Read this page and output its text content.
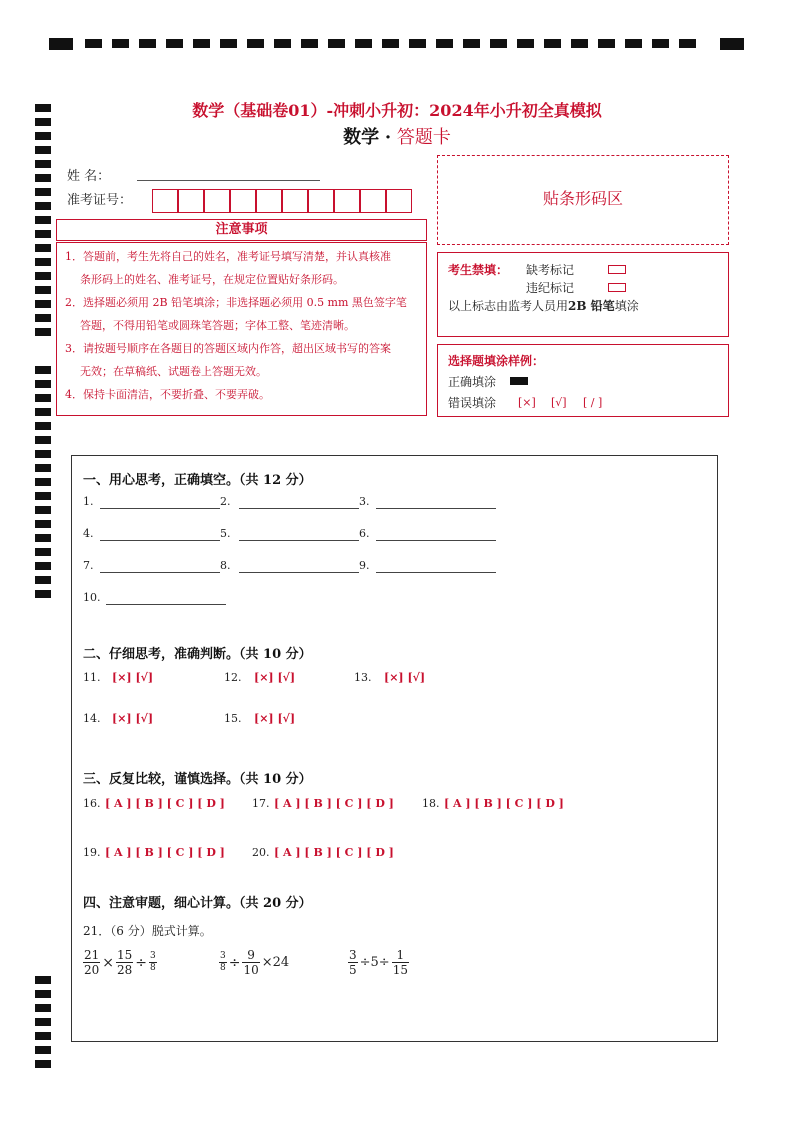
数学（基础卷01）-冲刺小升初：2024年小升初全真模拟
数学 · 答题卡
姓 名：
准考证号：
注意事项
1．答题前，考生先将自己的姓名，准考证号填写清楚，并认真核准
条形码上的姓名、准考证号，在规定位置贴好条形码。
2．选择题必须用 2B 铅笔填涂；非选择题必须用 0.5 mm 黑色签字笔
答题，不得用铅笔或圆珠笔答题；字体工整、笔迹清晰。
3．请按题号顺序在各题目的答题区域内作答，超出区域书写的答案
无效；在草稿纸、试题卷上答题无效。
4．保持卡面清洁，不要折叠、不要弄破。
贴条形码区
考生禁填： 缺考标记
违纪标记
以上标志由监考人员用2B 铅笔填涂
选择题填涂样例：
正确填涂
错误填涂 [×] [√] [ / ]
一、用心思考，正确填空。（共 12 分）
1.	2.	3.
4.	5.	6.
7.	8.	9.
10.
二、仔细思考，准确判断。（共 10 分）
11. [×] [√]	12. [×] [√]	13. [×] [√]
14. [×] [√]	15. [×] [√]
三、反复比较，谨慎选择。（共 10 分）
16. [ A ] [ B ] [ C ] [ D ] 17. [ A ] [ B ] [ C ] [ D ]	18. [ A ] [ B ] [ C ] [ D ]
19. [ A ] [ B ] [ C ] [ D ] 20. [ A ] [ B ] [ C ] [ D ]
四、注意审题，细心计算。（共 20 分）
21．（6 分）脱式计算。
$\frac{21}{20} \times \frac{15}{28} \div \frac{3}{8}$	$\frac{3}{8} \div \frac{9}{10} \times 24$	$\frac{3}{5} \div 5\div \frac{1}{15}$
